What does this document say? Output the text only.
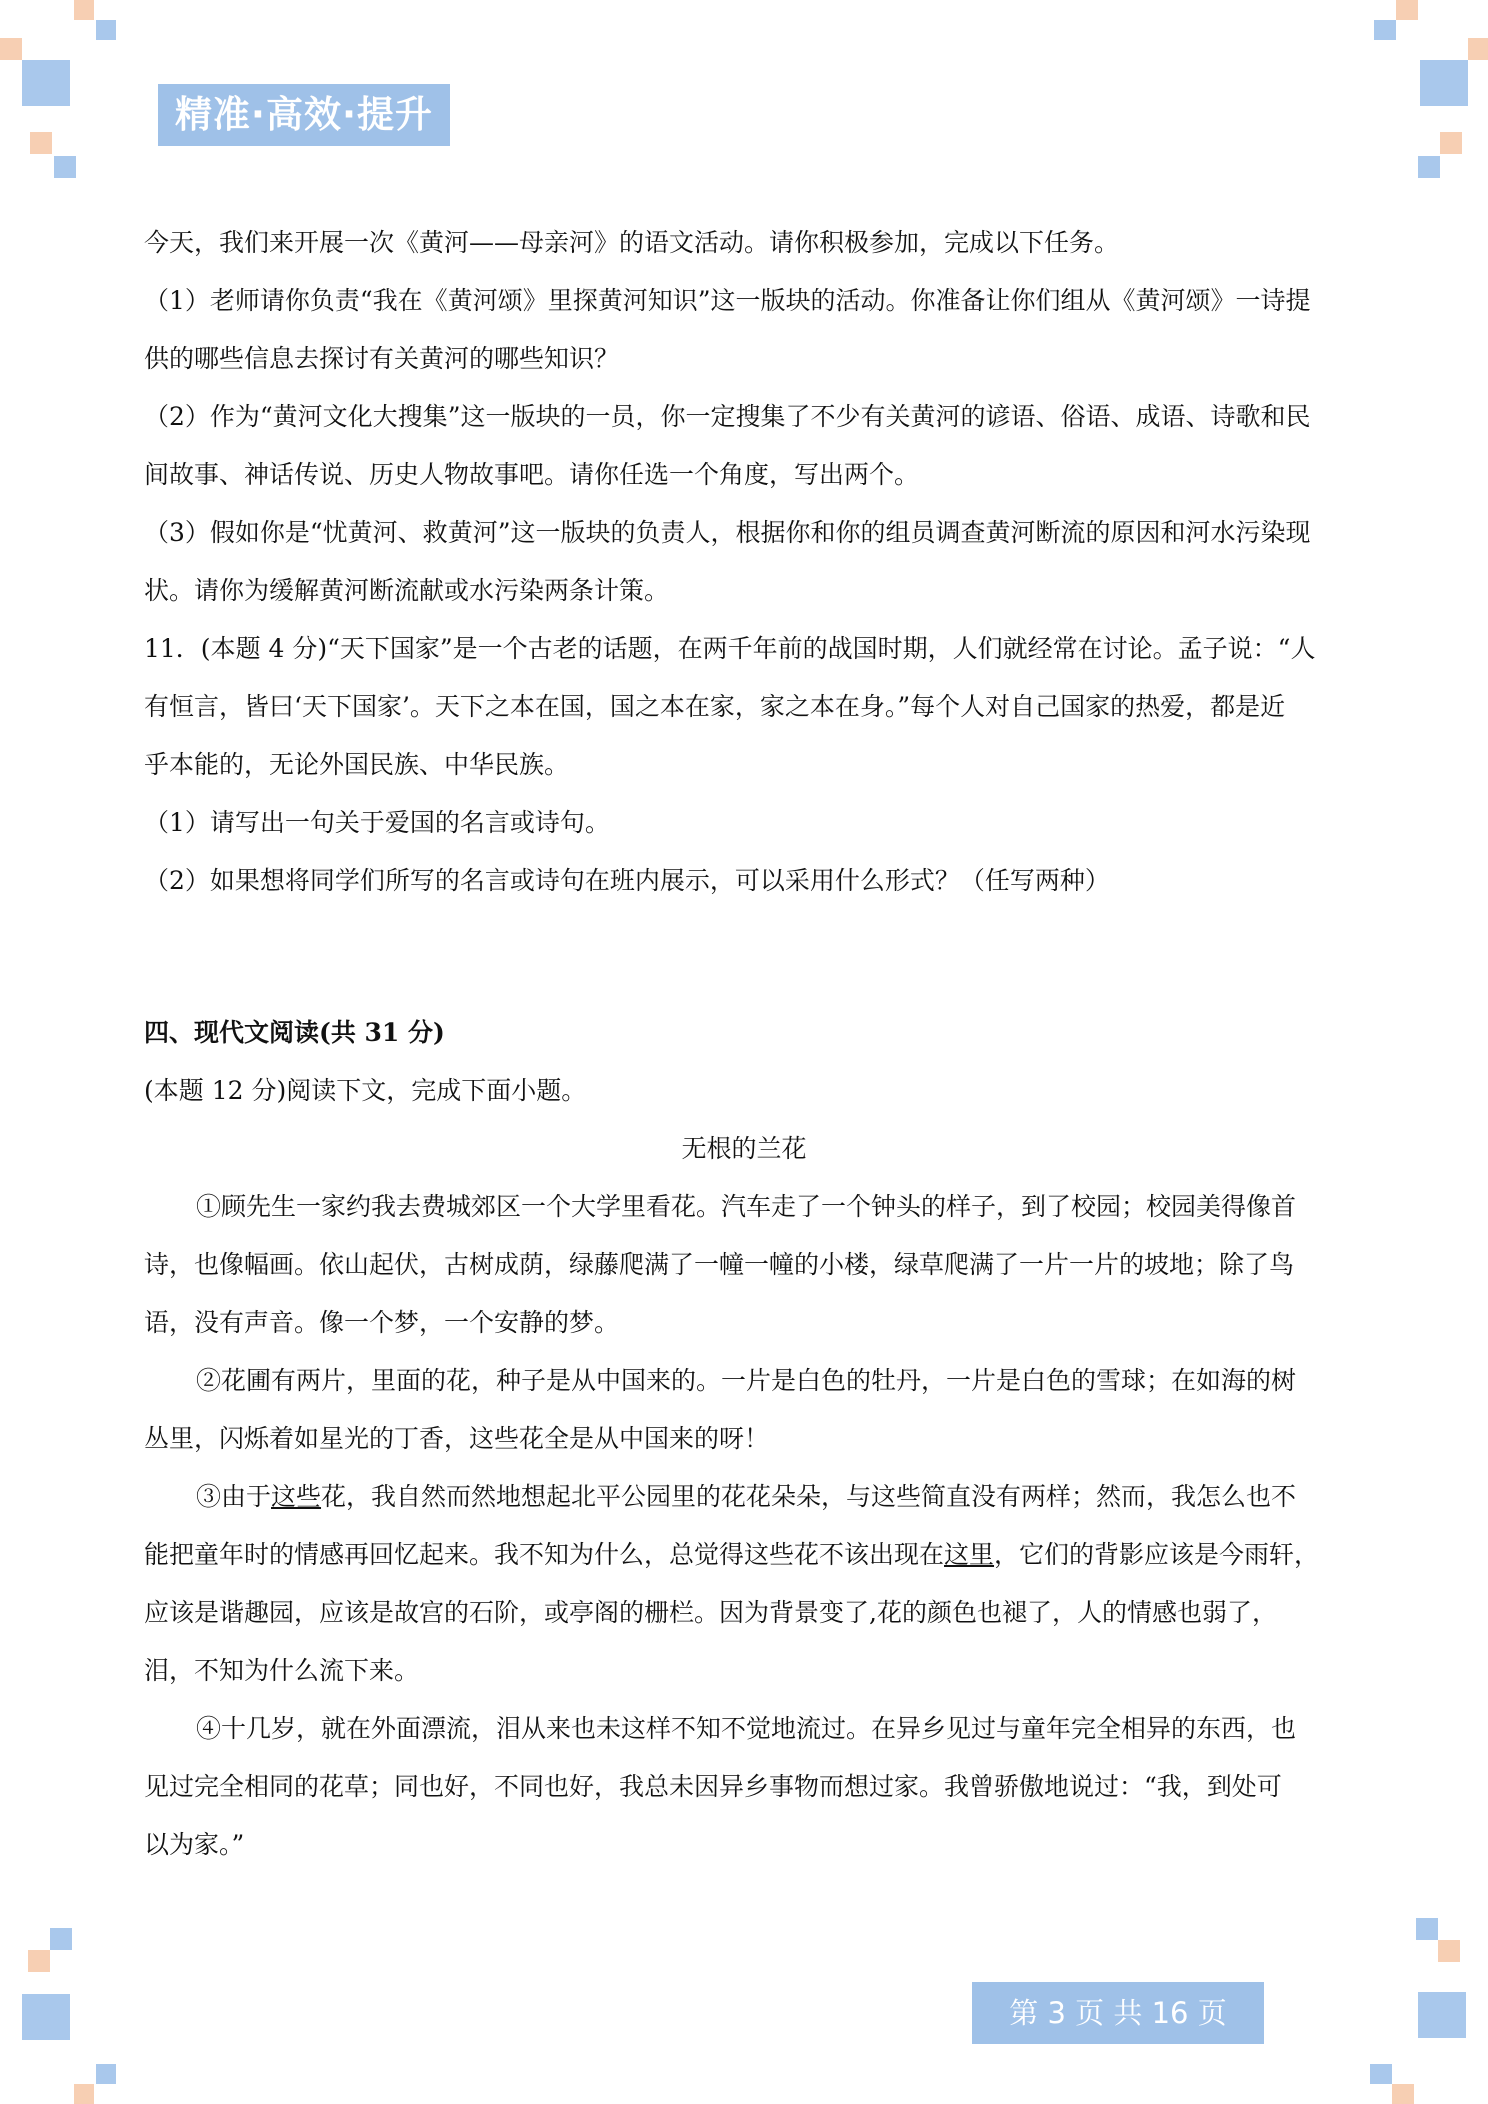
精准·高效·提升

今天，我们来开展一次《黄河——母亲河》的语文活动。请你积极参加，完成以下任务。

（1）老师请你负责“我在《黄河颂》里探黄河知识”这一版块的活动。你准备让你们组从《黄河颂》一诗提

供的哪些信息去探讨有关黄河的哪些知识？

（2）作为“黄河文化大搜集”这一版块的一员，你一定搜集了不少有关黄河的谚语、俗语、成语、诗歌和民

间故事、神话传说、历史人物故事吧。请你任选一个角度，写出两个。

（3）假如你是“忧黄河、救黄河”这一版块的负责人，根据你和你的组员调查黄河断流的原因和河水污染现

状。请你为缓解黄河断流献或水污染两条计策。

11．(本题 4 分)“天下国家”是一个古老的话题，在两千年前的战国时期，人们就经常在讨论。孟子说：“人

有恒言，皆曰‘天下国家’。天下之本在国，国之本在家，家之本在身。”每个人对自己国家的热爱，都是近

乎本能的，无论外国民族、中华民族。

（1）请写出一句关于爱国的名言或诗句。

（2）如果想将同学们所写的名言或诗句在班内展示，可以采用什么形式？（任写两种）

四、现代文阅读(共 31 分)

(本题 12 分)阅读下文，完成下面小题。

无根的兰花

①顾先生一家约我去费城郊区一个大学里看花。汽车走了一个钟头的样子，到了校园；校园美得像首

诗，也像幅画。依山起伏，古树成荫，绿藤爬满了一幢一幢的小楼，绿草爬满了一片一片的坡地；除了鸟

语，没有声音。像一个梦，一个安静的梦。

②花圃有两片，里面的花，种子是从中国来的。一片是白色的牡丹，一片是白色的雪球；在如海的树

丛里，闪烁着如星光的丁香，这些花全是从中国来的呀！

③由于这些花，我自然而然地想起北平公园里的花花朵朵，与这些简直没有两样；然而，我怎么也不

能把童年时的情感再回忆起来。我不知为什么，总觉得这些花不该出现在这里，它们的背影应该是今雨轩，

应该是谐趣园，应该是故宫的石阶，或亭阁的栅栏。因为背景变了,花的颜色也褪了，人的情感也弱了，

泪，不知为什么流下来。

④十几岁，就在外面漂流，泪从来也未这样不知不觉地流过。在异乡见过与童年完全相异的东西，也

见过完全相同的花草；同也好，不同也好，我总未因异乡事物而想过家。我曾骄傲地说过：“我，到处可

以为家。”

第 3 页 共 16 页
